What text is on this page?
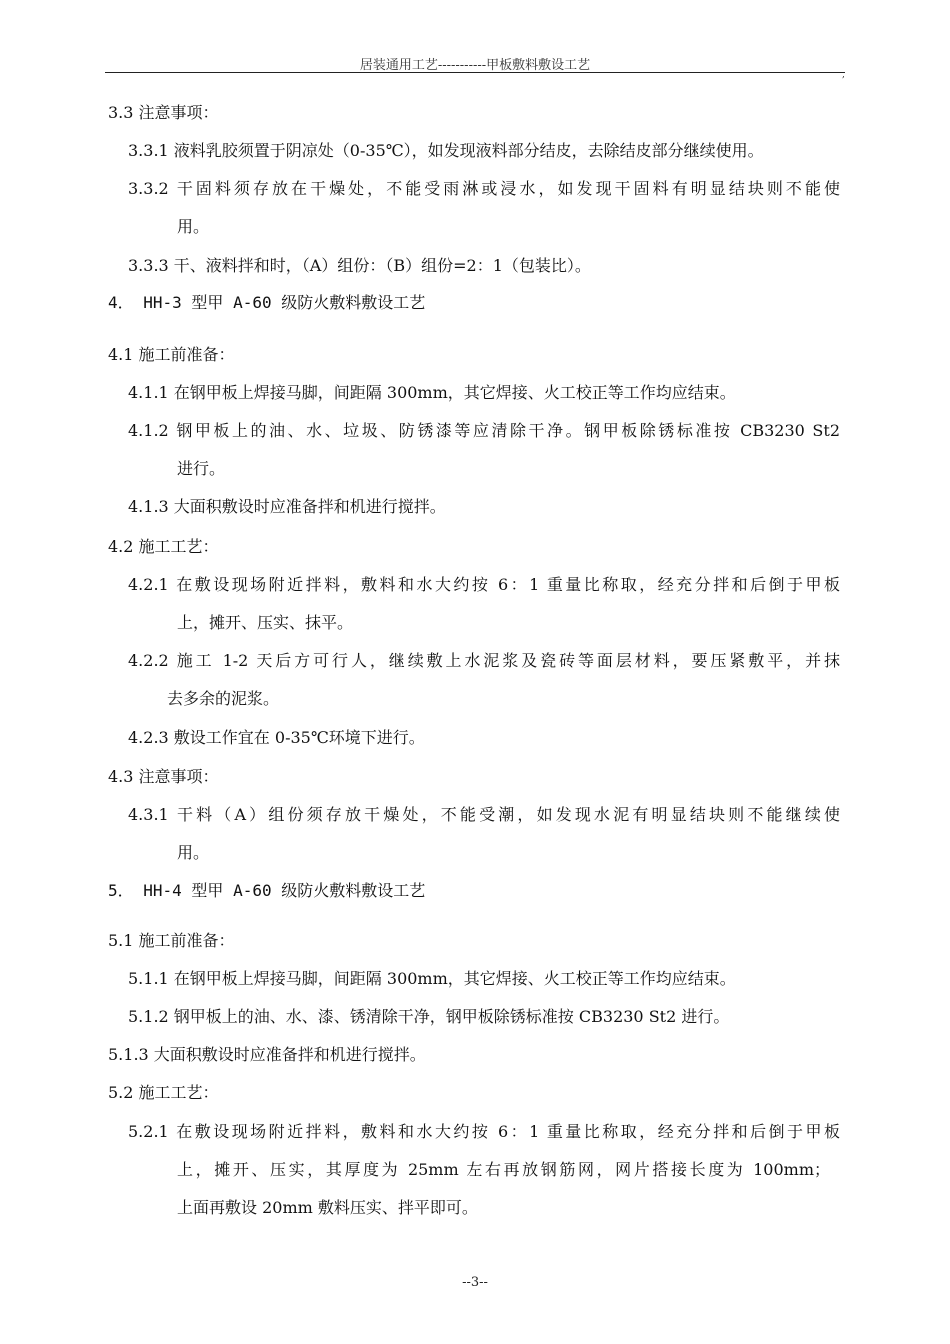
居装通用工艺-----------甲板敷料敷设工艺
,
3.3 注意事项：
3.3.1 液料乳胶须置于阴凉处（0-35℃），如发现液料部分结皮，去除结皮部分继续使用。
3.3.2 干固料须存放在干燥处，不能受雨淋或浸水，如发现干固料有明显结块则不能使
用。
3.3.3 干、液料拌和时，（A）组份：（B）组份=2：1（包装比）。
4． HH-3 型甲 A-60 级防火敷料敷设工艺
4.1 施工前准备：
4.1.1 在钢甲板上焊接马脚，间距隔 300mm，其它焊接、火工校正等工作均应结束。
4.1.2 钢甲板上的油、水、垃圾、防锈漆等应清除干净。钢甲板除锈标准按 CB3230 St2
进行。
4.1.3 大面积敷设时应准备拌和机进行搅拌。
4.2 施工工艺：
4.2.1 在敷设现场附近拌料，敷料和水大约按 6：1 重量比称取，经充分拌和后倒于甲板
上，摊开、压实、抹平。
4.2.2 施工 1-2 天后方可行人，继续敷上水泥浆及瓷砖等面层材料，要压紧敷平，并抹
去多余的泥浆。
4.2.3 敷设工作宜在 0-35℃环境下进行。
4.3 注意事项：
4.3.1 干料（A）组份须存放干燥处，不能受潮，如发现水泥有明显结块则不能继续使
用。
5． HH-4 型甲 A-60 级防火敷料敷设工艺
5.1 施工前准备：
5.1.1 在钢甲板上焊接马脚，间距隔 300mm，其它焊接、火工校正等工作均应结束。
5.1.2 钢甲板上的油、水、漆、锈清除干净，钢甲板除锈标准按 CB3230 St2 进行。
5.1.3 大面积敷设时应准备拌和机进行搅拌。
5.2 施工工艺：
5.2.1 在敷设现场附近拌料，敷料和水大约按 6：1 重量比称取，经充分拌和后倒于甲板
上，摊开、压实，其厚度为 25mm 左右再放钢筋网，网片搭接长度为 100mm；
上面再敷设 20mm 敷料压实、拌平即可。
--3--
